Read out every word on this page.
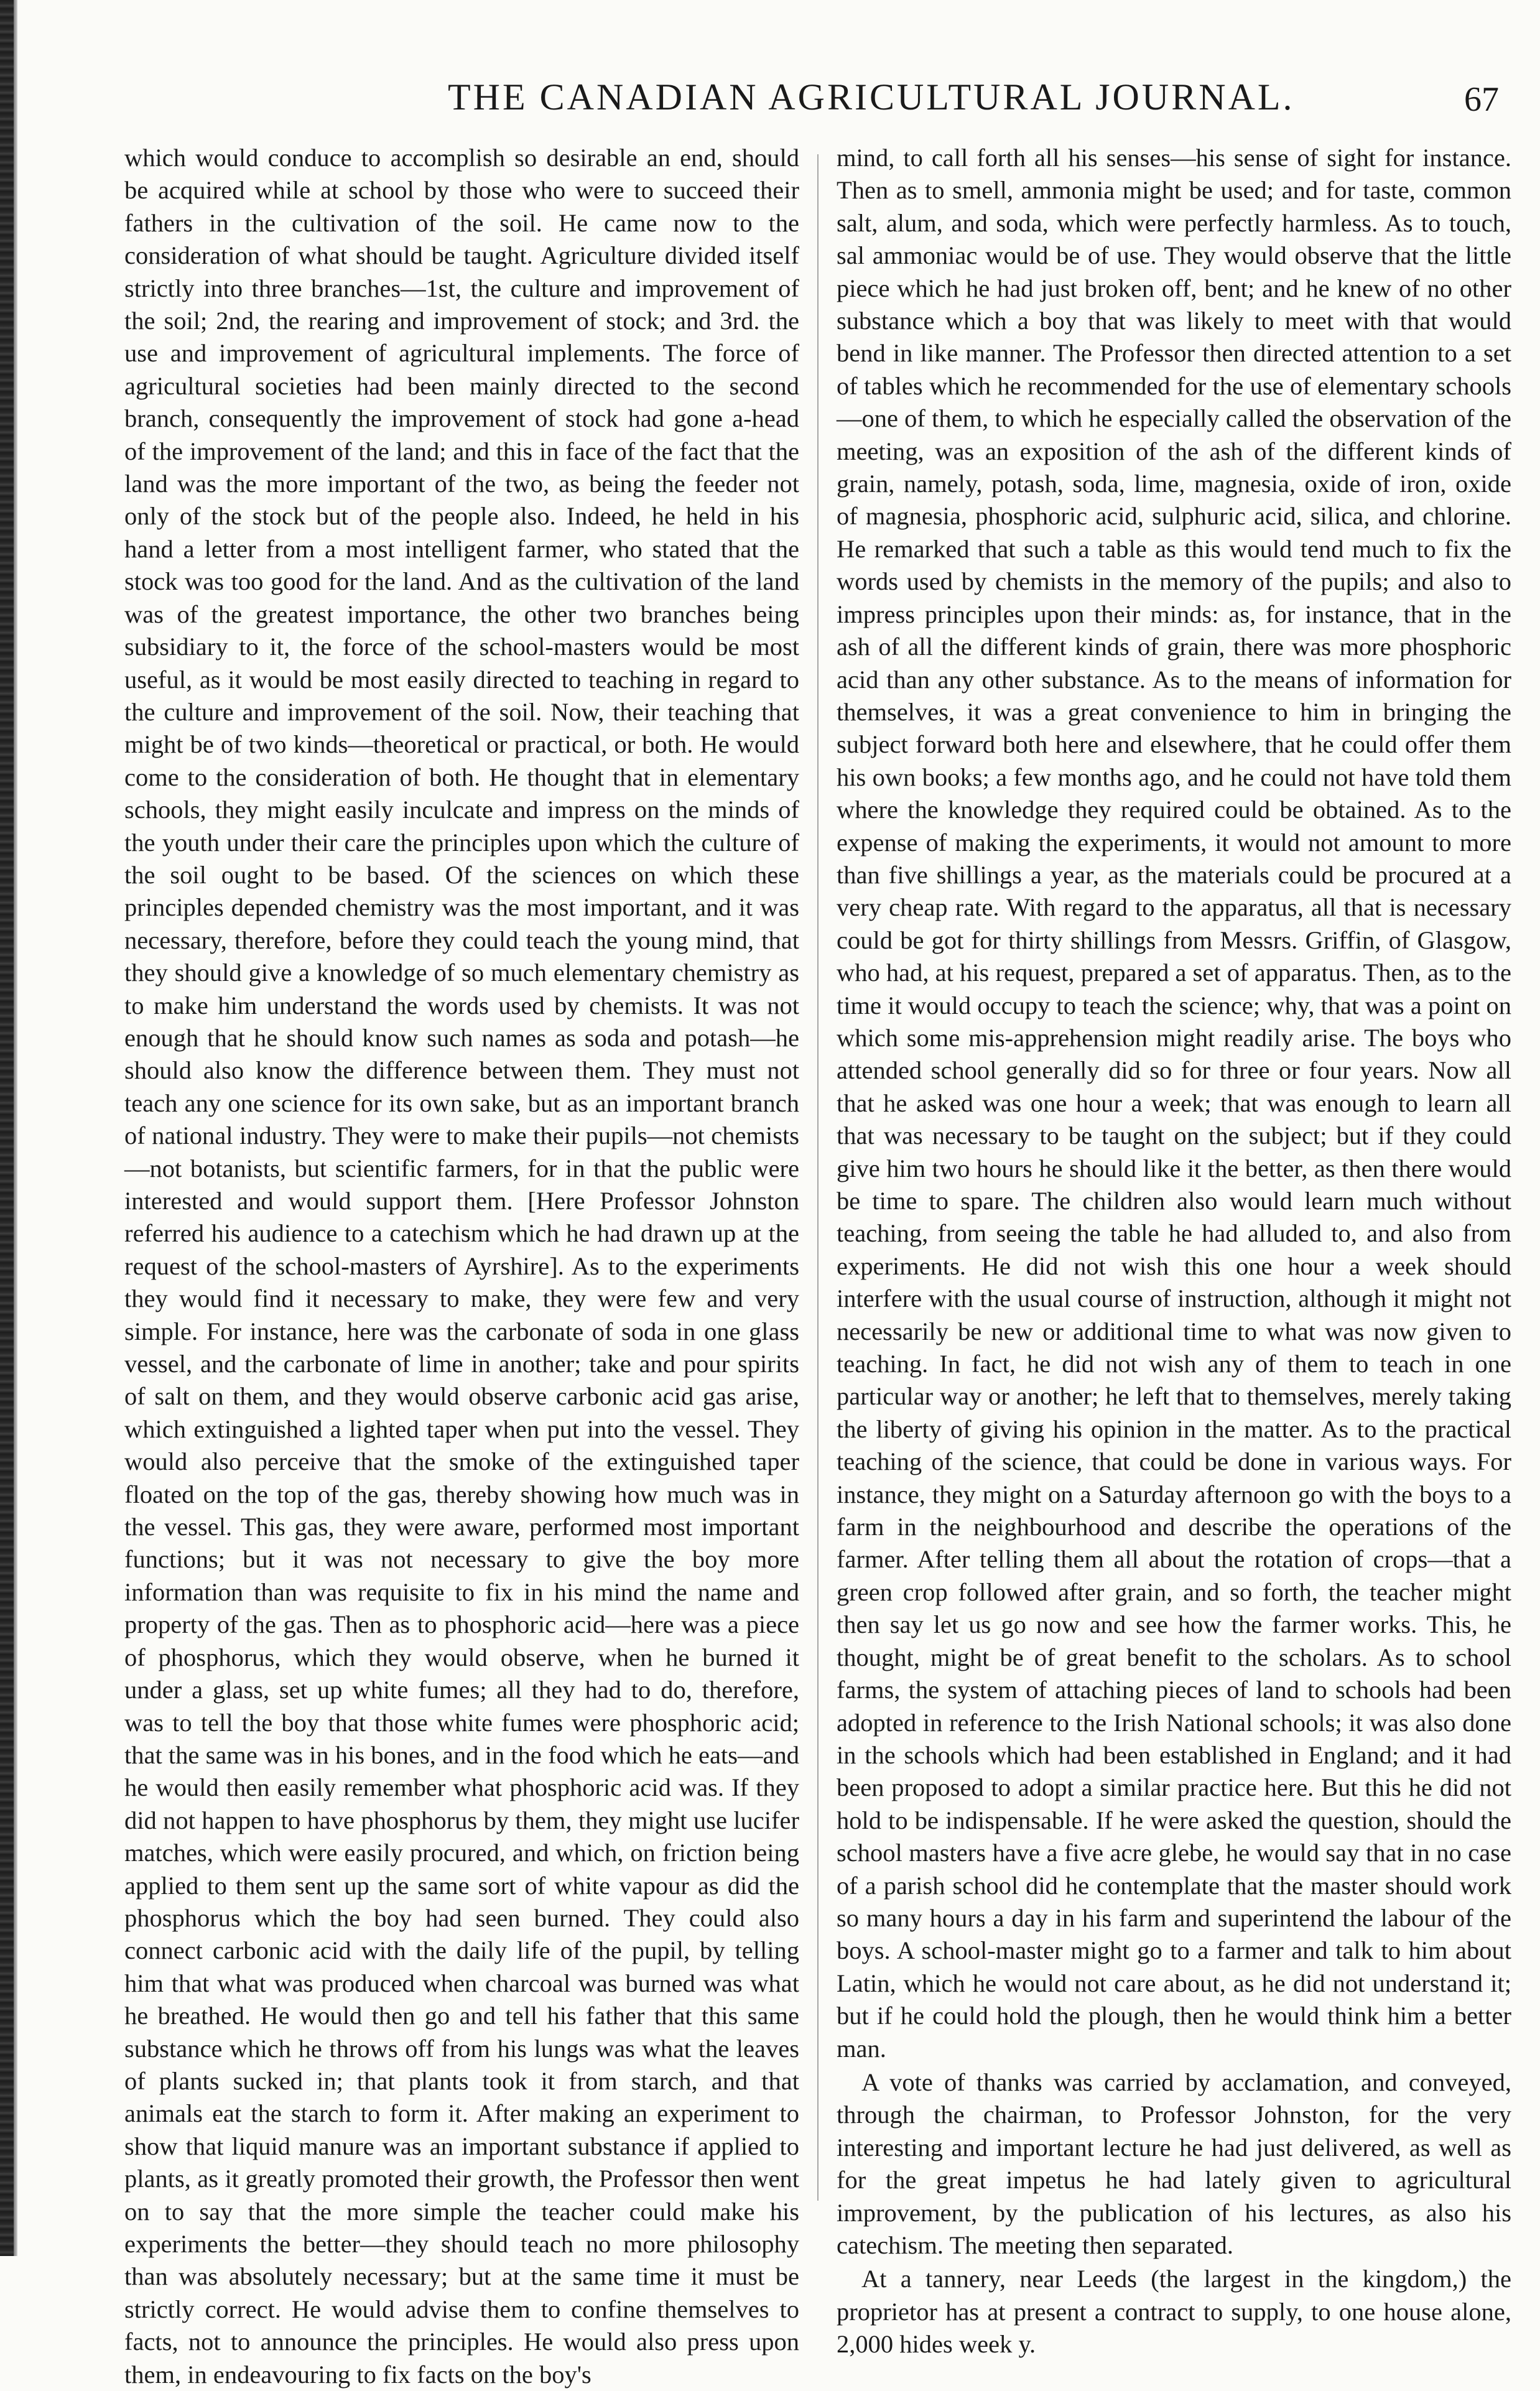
THE CANADIAN AGRICULTURAL JOURNAL.	67

which would conduce to accomplish so desirable an end, should be acquired while at school by those who were to succeed their fathers in the cultivation of the soil. He came now to the consideration of what should be taught. Agriculture divided itself strictly into three branches—1st, the culture and improvement of the soil; 2nd, the rearing and improvement of stock; and 3rd. the use and improvement of agricultural implements. The force of agricultural societies had been mainly directed to the second branch, consequently the improvement of stock had gone a-head of the improvement of the land; and this in face of the fact that the land was the more important of the two, as being the feeder not only of the stock but of the people also. Indeed, he held in his hand a letter from a most intelligent farmer, who stated that the stock was too good for the land. And as the cultivation of the land was of the greatest importance, the other two branches being subsidiary to it, the force of the school-masters would be most useful, as it would be most easily directed to teaching in regard to the culture and improvement of the soil. Now, their teaching that might be of two kinds—theoretical or practical, or both. He would come to the consideration of both. He thought that in elementary schools, they might easily inculcate and impress on the minds of the youth under their care the principles upon which the culture of the soil ought to be based. Of the sciences on which these principles depended chemistry was the most important, and it was necessary, therefore, before they could teach the young mind, that they should give a knowledge of so much elementary chemistry as to make him understand the words used by chemists. It was not enough that he should know such names as soda and potash—he should also know the difference between them. They must not teach any one science for its own sake, but as an important branch of national industry. They were to make their pupils—not chemists—not botanists, but scientific farmers, for in that the public were interested and would support them. [Here Professor Johnston referred his audience to a catechism which he had drawn up at the request of the school-masters of Ayrshire]. As to the experiments they would find it necessary to make, they were few and very simple. For instance, here was the carbonate of soda in one glass vessel, and the carbonate of lime in another; take and pour spirits of salt on them, and they would observe carbonic acid gas arise, which extinguished a lighted taper when put into the vessel. They would also perceive that the smoke of the extinguished taper floated on the top of the gas, thereby showing how much was in the vessel. This gas, they were aware, performed most important functions; but it was not necessary to give the boy more information than was requisite to fix in his mind the name and property of the gas. Then as to phosphoric acid—here was a piece of phosphorus, which they would observe, when he burned it under a glass, set up white fumes; all they had to do, therefore, was to tell the boy that those white fumes were phosphoric acid; that the same was in his bones, and in the food which he eats—and he would then easily remember what phosphoric acid was. If they did not happen to have phosphorus by them, they might use lucifer matches, which were easily procured, and which, on friction being applied to them sent up the same sort of white vapour as did the phosphorus which the boy had seen burned. They could also connect carbonic acid with the daily life of the pupil, by telling him that what was produced when charcoal was burned was what he breathed. He would then go and tell his father that this same substance which he throws off from his lungs was what the leaves of plants sucked in; that plants took it from starch, and that animals eat the starch to form it. After making an experiment to show that liquid manure was an important substance if applied to plants, as it greatly promoted their growth, the Professor then went on to say that the more simple the teacher could make his experiments the better—they should teach no more philosophy than was absolutely necessary; but at the same time it must be strictly correct. He would advise them to confine themselves to facts, not to announce the principles. He would also press upon them, in endeavouring to fix facts on the boy's

mind, to call forth all his senses—his sense of sight for instance. Then as to smell, ammonia might be used; and for taste, common salt, alum, and soda, which were perfectly harmless. As to touch, sal ammoniac would be of use. They would observe that the little piece which he had just broken off, bent; and he knew of no other substance which a boy that was likely to meet with that would bend in like manner. The Professor then directed attention to a set of tables which he recommended for the use of elementary schools—one of them, to which he especially called the observation of the meeting, was an exposition of the ash of the different kinds of grain, namely, potash, soda, lime, magnesia, oxide of iron, oxide of magnesia, phosphoric acid, sulphuric acid, silica, and chlorine. He remarked that such a table as this would tend much to fix the words used by chemists in the memory of the pupils; and also to impress principles upon their minds: as, for instance, that in the ash of all the different kinds of grain, there was more phosphoric acid than any other substance. As to the means of information for themselves, it was a great convenience to him in bringing the subject forward both here and elsewhere, that he could offer them his own books; a few months ago, and he could not have told them where the knowledge they required could be obtained. As to the expense of making the experiments, it would not amount to more than five shillings a year, as the materials could be procured at a very cheap rate. With regard to the apparatus, all that is necessary could be got for thirty shillings from Messrs. Griffin, of Glasgow, who had, at his request, prepared a set of apparatus. Then, as to the time it would occupy to teach the science; why, that was a point on which some mis-apprehension might readily arise. The boys who attended school generally did so for three or four years. Now all that he asked was one hour a week; that was enough to learn all that was necessary to be taught on the subject; but if they could give him two hours he should like it the better, as then there would be time to spare. The children also would learn much without teaching, from seeing the table he had alluded to, and also from experiments. He did not wish this one hour a week should interfere with the usual course of instruction, although it might not necessarily be new or additional time to what was now given to teaching. In fact, he did not wish any of them to teach in one particular way or another; he left that to themselves, merely taking the liberty of giving his opinion in the matter. As to the practical teaching of the science, that could be done in various ways. For instance, they might on a Saturday afternoon go with the boys to a farm in the neighbourhood and describe the operations of the farmer. After telling them all about the rotation of crops—that a green crop followed after grain, and so forth, the teacher might then say let us go now and see how the farmer works. This, he thought, might be of great benefit to the scholars. As to school farms, the system of attaching pieces of land to schools had been adopted in reference to the Irish National schools; it was also done in the schools which had been established in England; and it had been proposed to adopt a similar practice here. But this he did not hold to be indispensable. If he were asked the question, should the school masters have a five acre glebe, he would say that in no case of a parish school did he contemplate that the master should work so many hours a day in his farm and superintend the labour of the boys. A school-master might go to a farmer and talk to him about Latin, which he would not care about, as he did not understand it; but if he could hold the plough, then he would think him a better man.

A vote of thanks was carried by acclamation, and conveyed, through the chairman, to Professor Johnston, for the very interesting and important lecture he had just delivered, as well as for the great impetus he had lately given to agricultural improvement, by the publication of his lectures, as also his catechism. The meeting then separated.

At a tannery, near Leeds (the largest in the kingdom,) the proprietor has at present a contract to supply, to one house alone, 2,000 hides week y.
